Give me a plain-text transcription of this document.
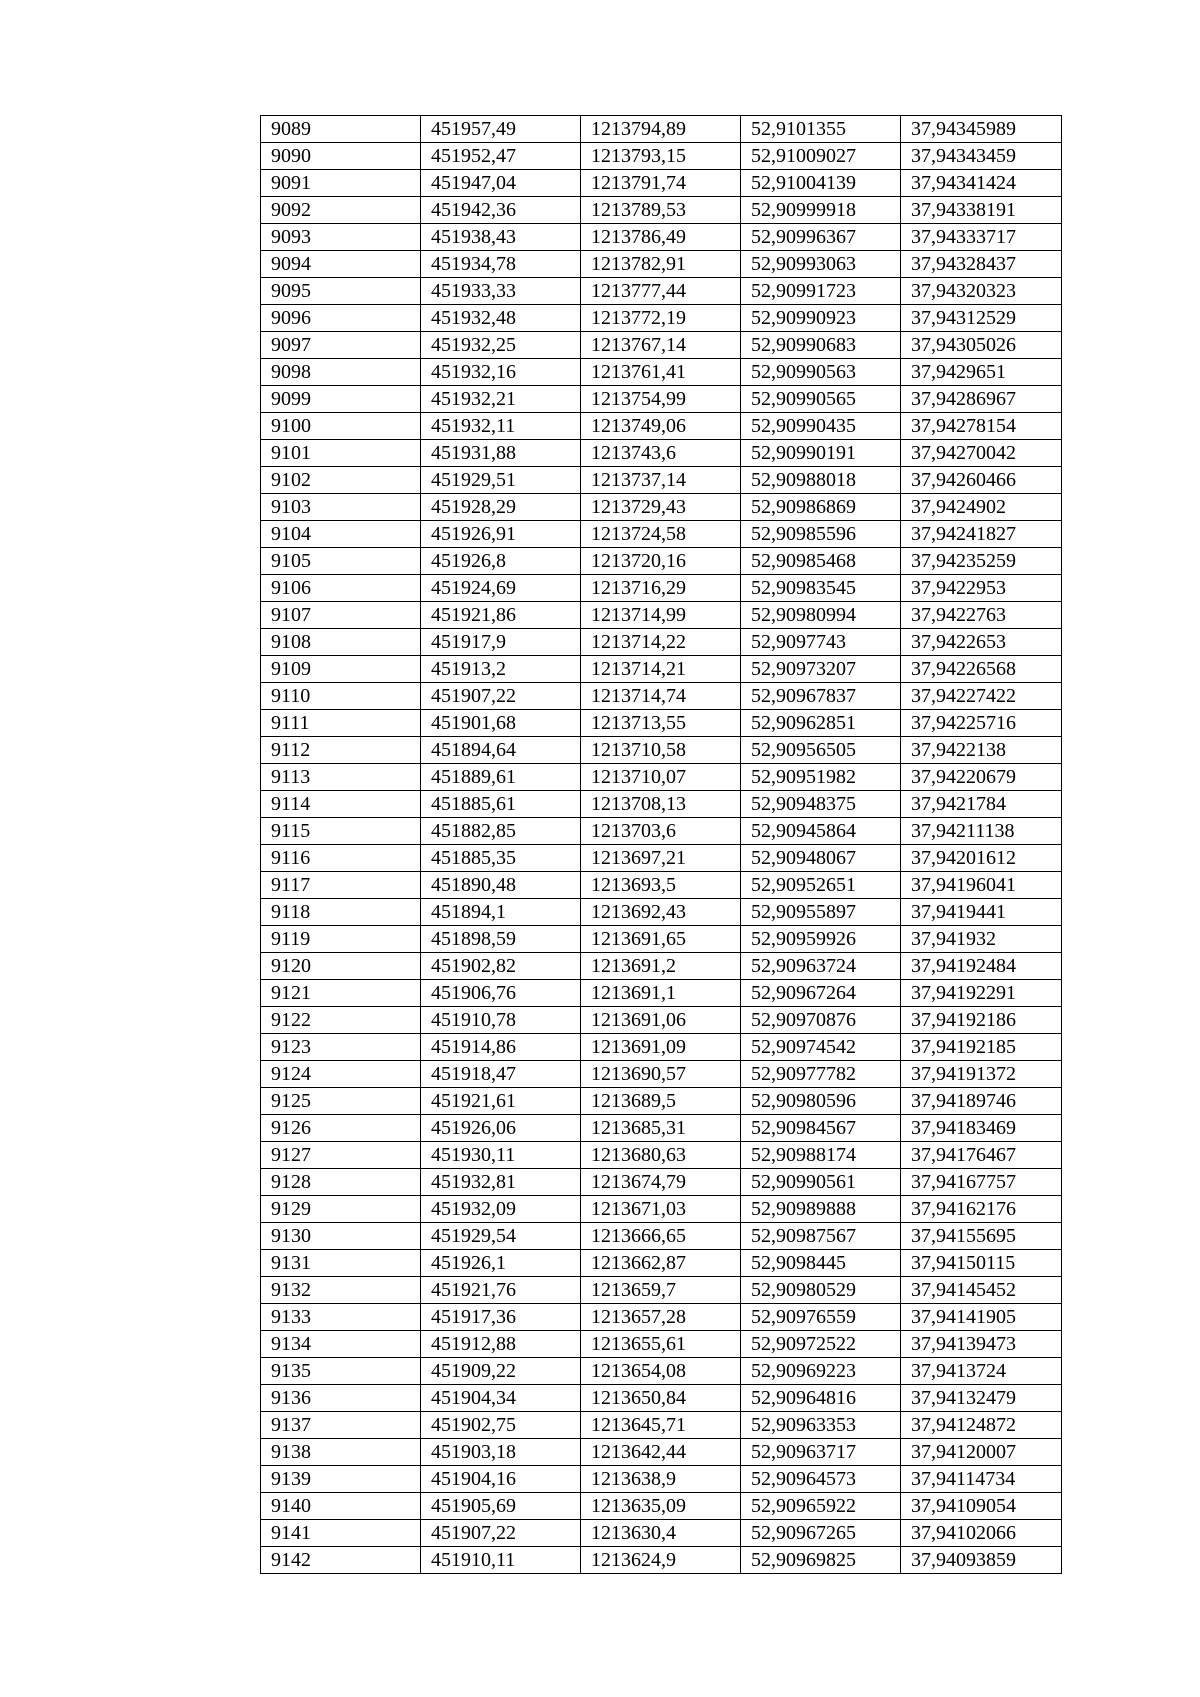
9089	451957,49	1213794,89	52,9101355	37,94345989
9090	451952,47	1213793,15	52,91009027	37,94343459
9091	451947,04	1213791,74	52,91004139	37,94341424
9092	451942,36	1213789,53	52,90999918	37,94338191
9093	451938,43	1213786,49	52,90996367	37,94333717
9094	451934,78	1213782,91	52,90993063	37,94328437
9095	451933,33	1213777,44	52,90991723	37,94320323
9096	451932,48	1213772,19	52,90990923	37,94312529
9097	451932,25	1213767,14	52,90990683	37,94305026
9098	451932,16	1213761,41	52,90990563	37,9429651
9099	451932,21	1213754,99	52,90990565	37,94286967
9100	451932,11	1213749,06	52,90990435	37,94278154
9101	451931,88	1213743,6	52,90990191	37,94270042
9102	451929,51	1213737,14	52,90988018	37,94260466
9103	451928,29	1213729,43	52,90986869	37,9424902
9104	451926,91	1213724,58	52,90985596	37,94241827
9105	451926,8	1213720,16	52,90985468	37,94235259
9106	451924,69	1213716,29	52,90983545	37,9422953
9107	451921,86	1213714,99	52,90980994	37,9422763
9108	451917,9	1213714,22	52,9097743	37,9422653
9109	451913,2	1213714,21	52,90973207	37,94226568
9110	451907,22	1213714,74	52,90967837	37,94227422
9111	451901,68	1213713,55	52,90962851	37,94225716
9112	451894,64	1213710,58	52,90956505	37,9422138
9113	451889,61	1213710,07	52,90951982	37,94220679
9114	451885,61	1213708,13	52,90948375	37,9421784
9115	451882,85	1213703,6	52,90945864	37,94211138
9116	451885,35	1213697,21	52,90948067	37,94201612
9117	451890,48	1213693,5	52,90952651	37,94196041
9118	451894,1	1213692,43	52,90955897	37,9419441
9119	451898,59	1213691,65	52,90959926	37,941932
9120	451902,82	1213691,2	52,90963724	37,94192484
9121	451906,76	1213691,1	52,90967264	37,94192291
9122	451910,78	1213691,06	52,90970876	37,94192186
9123	451914,86	1213691,09	52,90974542	37,94192185
9124	451918,47	1213690,57	52,90977782	37,94191372
9125	451921,61	1213689,5	52,90980596	37,94189746
9126	451926,06	1213685,31	52,90984567	37,94183469
9127	451930,11	1213680,63	52,90988174	37,94176467
9128	451932,81	1213674,79	52,90990561	37,94167757
9129	451932,09	1213671,03	52,90989888	37,94162176
9130	451929,54	1213666,65	52,90987567	37,94155695
9131	451926,1	1213662,87	52,9098445	37,94150115
9132	451921,76	1213659,7	52,90980529	37,94145452
9133	451917,36	1213657,28	52,90976559	37,94141905
9134	451912,88	1213655,61	52,90972522	37,94139473
9135	451909,22	1213654,08	52,90969223	37,9413724
9136	451904,34	1213650,84	52,90964816	37,94132479
9137	451902,75	1213645,71	52,90963353	37,94124872
9138	451903,18	1213642,44	52,90963717	37,94120007
9139	451904,16	1213638,9	52,90964573	37,94114734
9140	451905,69	1213635,09	52,90965922	37,94109054
9141	451907,22	1213630,4	52,90967265	37,94102066
9142	451910,11	1213624,9	52,90969825	37,94093859
